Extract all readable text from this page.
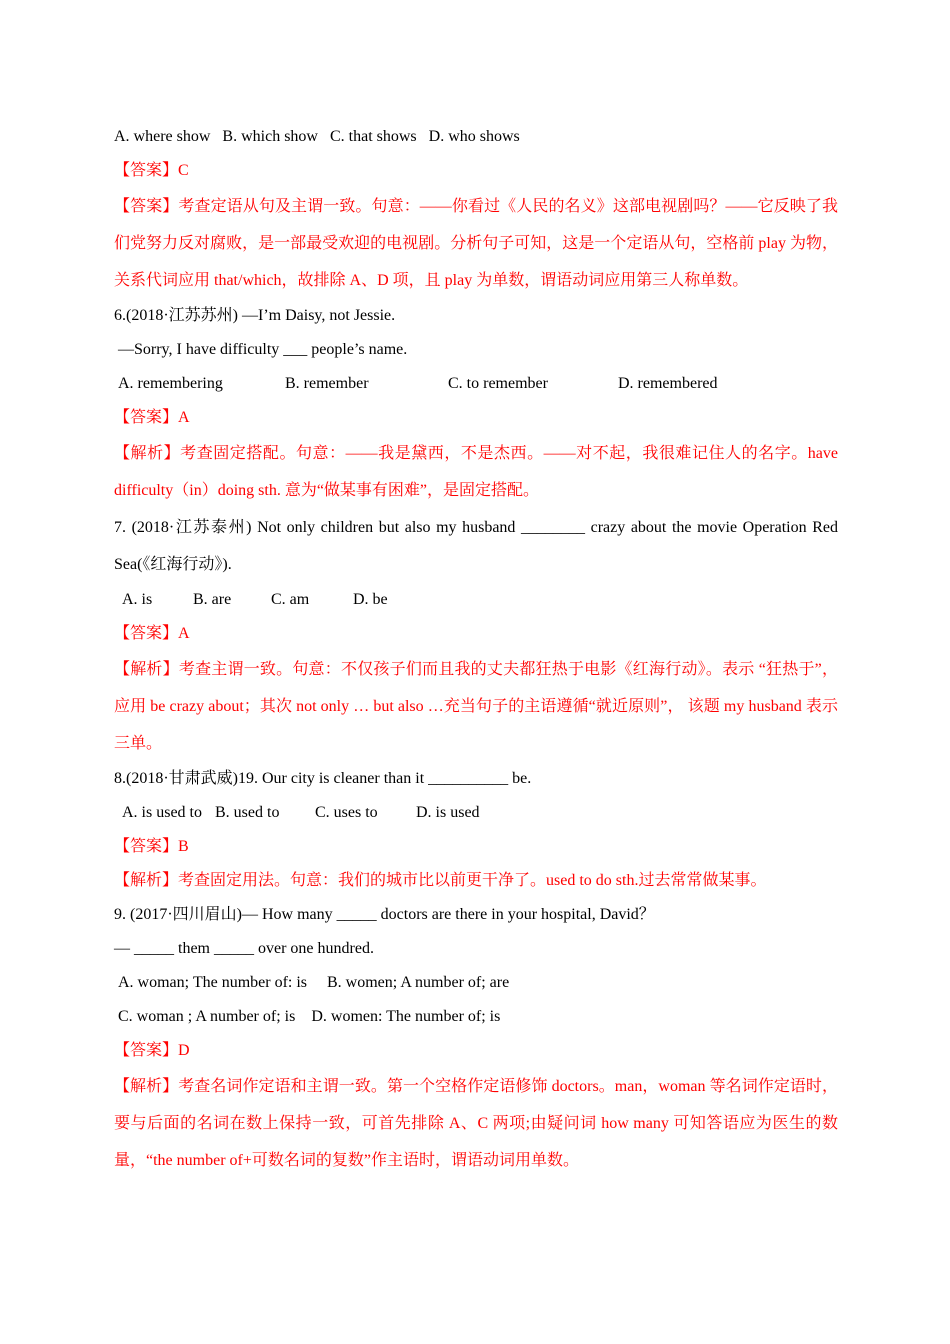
A. where show   B. which show   C. that shows   D. who shows
【答案】C
【答案】考查定语从句及主谓一致。句意：——你看过《人民的名义》这部电视剧吗？——它反映了我们党努力反对腐败，是一部最受欢迎的电视剧。分析句子可知，这是一个定语从句，空格前 play 为物，关系代词应用 that/which，故排除 A、D 项，且 play 为单数，谓语动词应用第三人称单数。
6.(2018·江苏苏州) —I’m Daisy, not Jessie.
—Sorry, I have difficulty ___ people’s name.
A. remembering	B. remember	C. to remember	D. remembered
【答案】A
【解析】考查固定搭配。句意：——我是黛西，不是杰西。——对不起，我很难记住人的名字。have difficulty（in）doing sth. 意为“做某事有困难”，是固定搭配。
7. (2018·江苏泰州) Not only children but also my husband ________ crazy about the movie Operation Red Sea(《红海行动》).
A. is	B. are C. am	D. be
【答案】A
【解析】考查主谓一致。句意：不仅孩子们而且我的丈夫都狂热于电影《红海行动》。表示 “狂热于”， 应用 be crazy about；其次 not only … but also …充当句子的主语遵循“就近原则”， 该题 my husband 表示三单。
8.(2018·甘肃武威)19. Our city is cleaner than it __________ be.
A. is used to B. used to C. uses to D. is used
【答案】B
【解析】考查固定用法。句意：我们的城市比以前更干净了。used to do sth.过去常常做某事。
9. (2017·四川眉山)— How many _____ doctors are there in your hospital, David？
— _____ them _____ over one hundred.
A. woman; The number of: is     B. women; A number of; are
C. woman ; A number of; is    D. women: The number of; is
【答案】D
【解析】考查名词作定语和主谓一致。第一个空格作定语修饰 doctors。man，woman 等名词作定语时，要与后面的名词在数上保持一致，可首先排除 A、C 两项;由疑问词 how many 可知答语应为医生的数量，“the number of+可数名词的复数”作主语时，谓语动词用单数。
